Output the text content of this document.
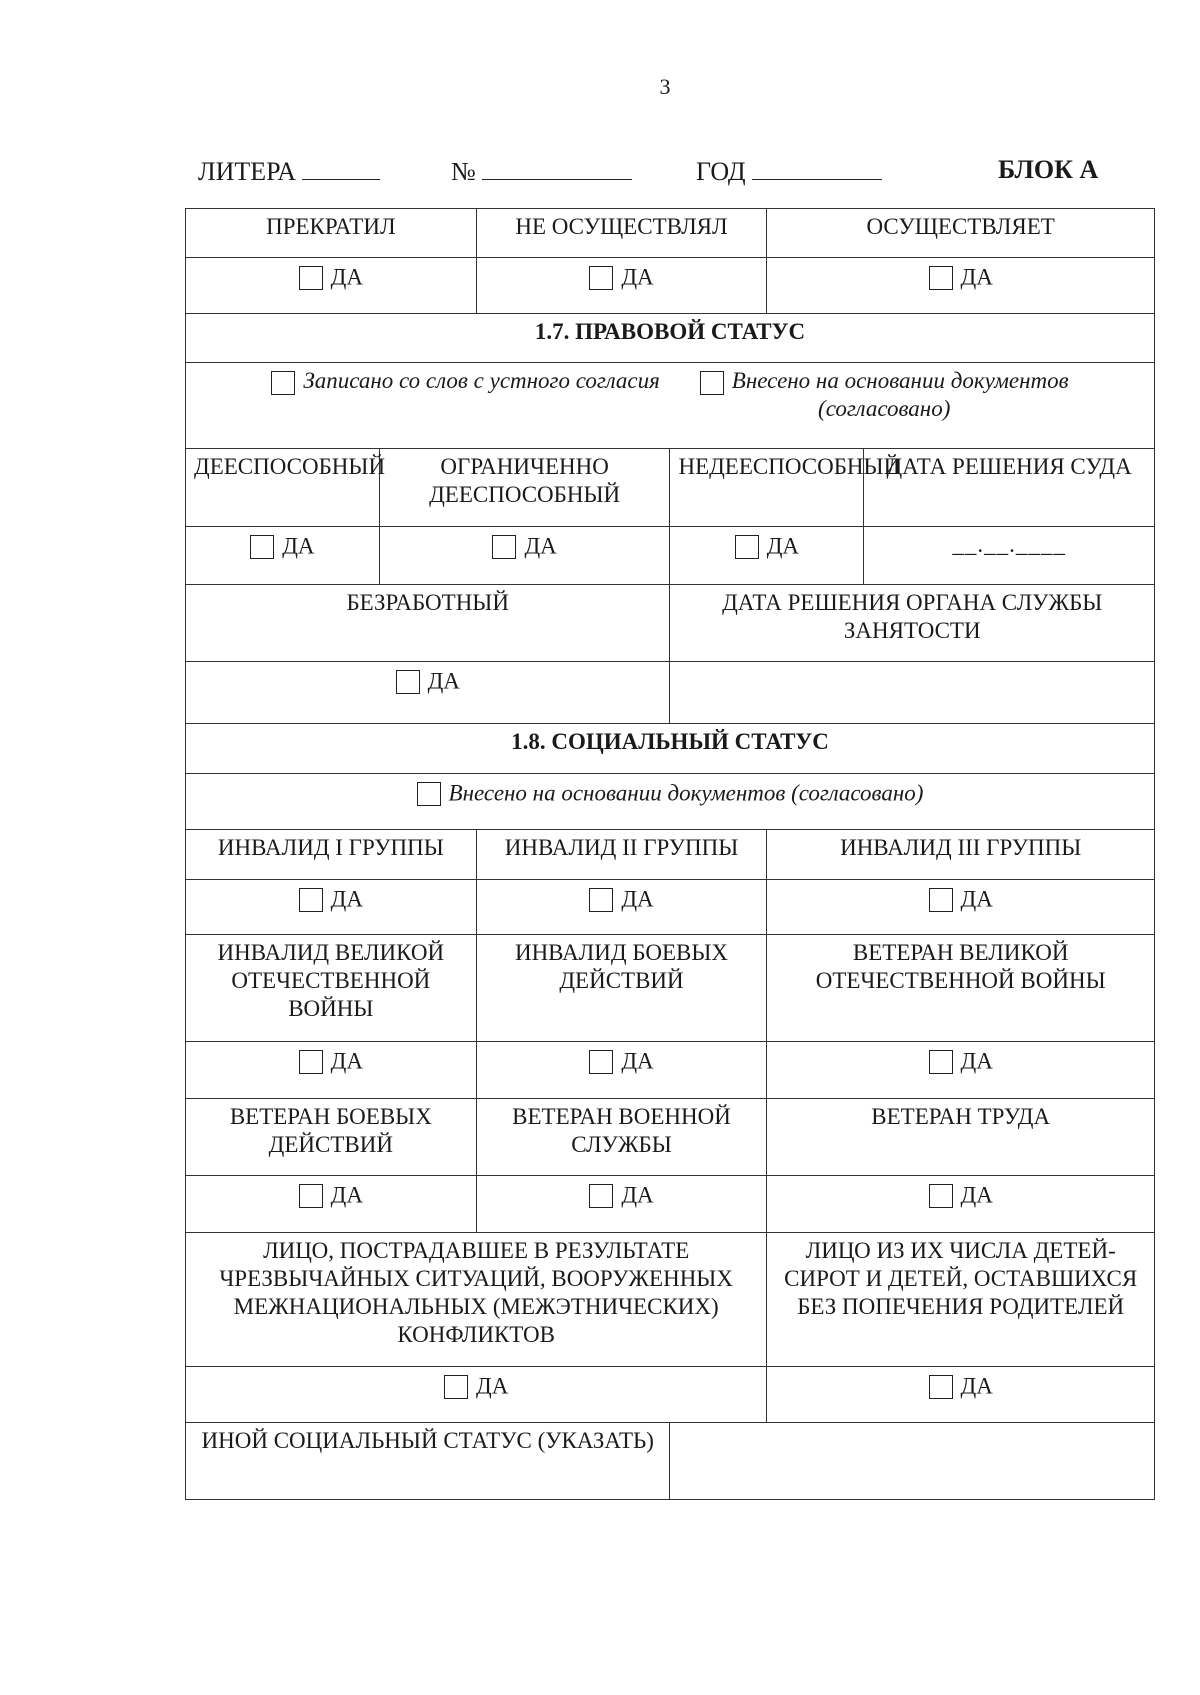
3
ЛИТЕРА	№	ГОД	БЛОК А
ПРЕКРАТИЛ		НЕ ОСУЩЕСТВЛЯЛ		ОСУЩЕСТВЛЯЕТ	
ДА		ДА		ДА	
1.7. ПРАВОВОЙ СТАТУС					
Записано со слов с устного согласия Внесено на основании документов
(согласовано)					
ДЕЕСПОСОБНЫЙ	ОГРАНИЧЕННО ДЕЕСПОСОБНЫЙ		НЕДЕЕСПОСОБНЫЙ		ДАТА РЕШЕНИЯ СУДА
ДА	ДА		ДА		__.__.____
БЕЗРАБОТНЫЙ			ДАТА РЕШЕНИЯ ОРГАНА СЛУЖБЫ ЗАНЯТОСТИ		
ДА					
1.8. СОЦИАЛЬНЫЙ СТАТУС					
Внесено на основании документов (согласовано)					
ИНВАЛИД I ГРУППЫ		ИНВАЛИД II ГРУППЫ		ИНВАЛИД III ГРУППЫ	
ДА		ДА		ДА	
ИНВАЛИД ВЕЛИКОЙ ОТЕЧЕСТВЕННОЙ ВОЙНЫ		ИНВАЛИД БОЕВЫХ ДЕЙСТВИЙ		ВЕТЕРАН ВЕЛИКОЙ ОТЕЧЕСТВЕННОЙ ВОЙНЫ	
ДА		ДА		ДА	
ВЕТЕРАН БОЕВЫХ ДЕЙСТВИЙ		ВЕТЕРАН ВОЕННОЙ СЛУЖБЫ		ВЕТЕРАН ТРУДА	
ДА		ДА		ДА	
ЛИЦО, ПОСТРАДАВШЕЕ В РЕЗУЛЬТАТЕ ЧРЕЗВЫЧАЙНЫХ СИТУАЦИЙ, ВООРУЖЕННЫХ МЕЖНАЦИОНАЛЬНЫХ (МЕЖЭТНИЧЕСКИХ) КОНФЛИКТОВ				ЛИЦО ИЗ ИХ ЧИСЛА ДЕТЕЙ-СИРОТ И ДЕТЕЙ, ОСТАВШИХСЯ БЕЗ ПОПЕЧЕНИЯ РОДИТЕЛЕЙ	
ДА				ДА	
ИНОЙ СОЦИАЛЬНЫЙ СТАТУС (УКАЗАТЬ)					
